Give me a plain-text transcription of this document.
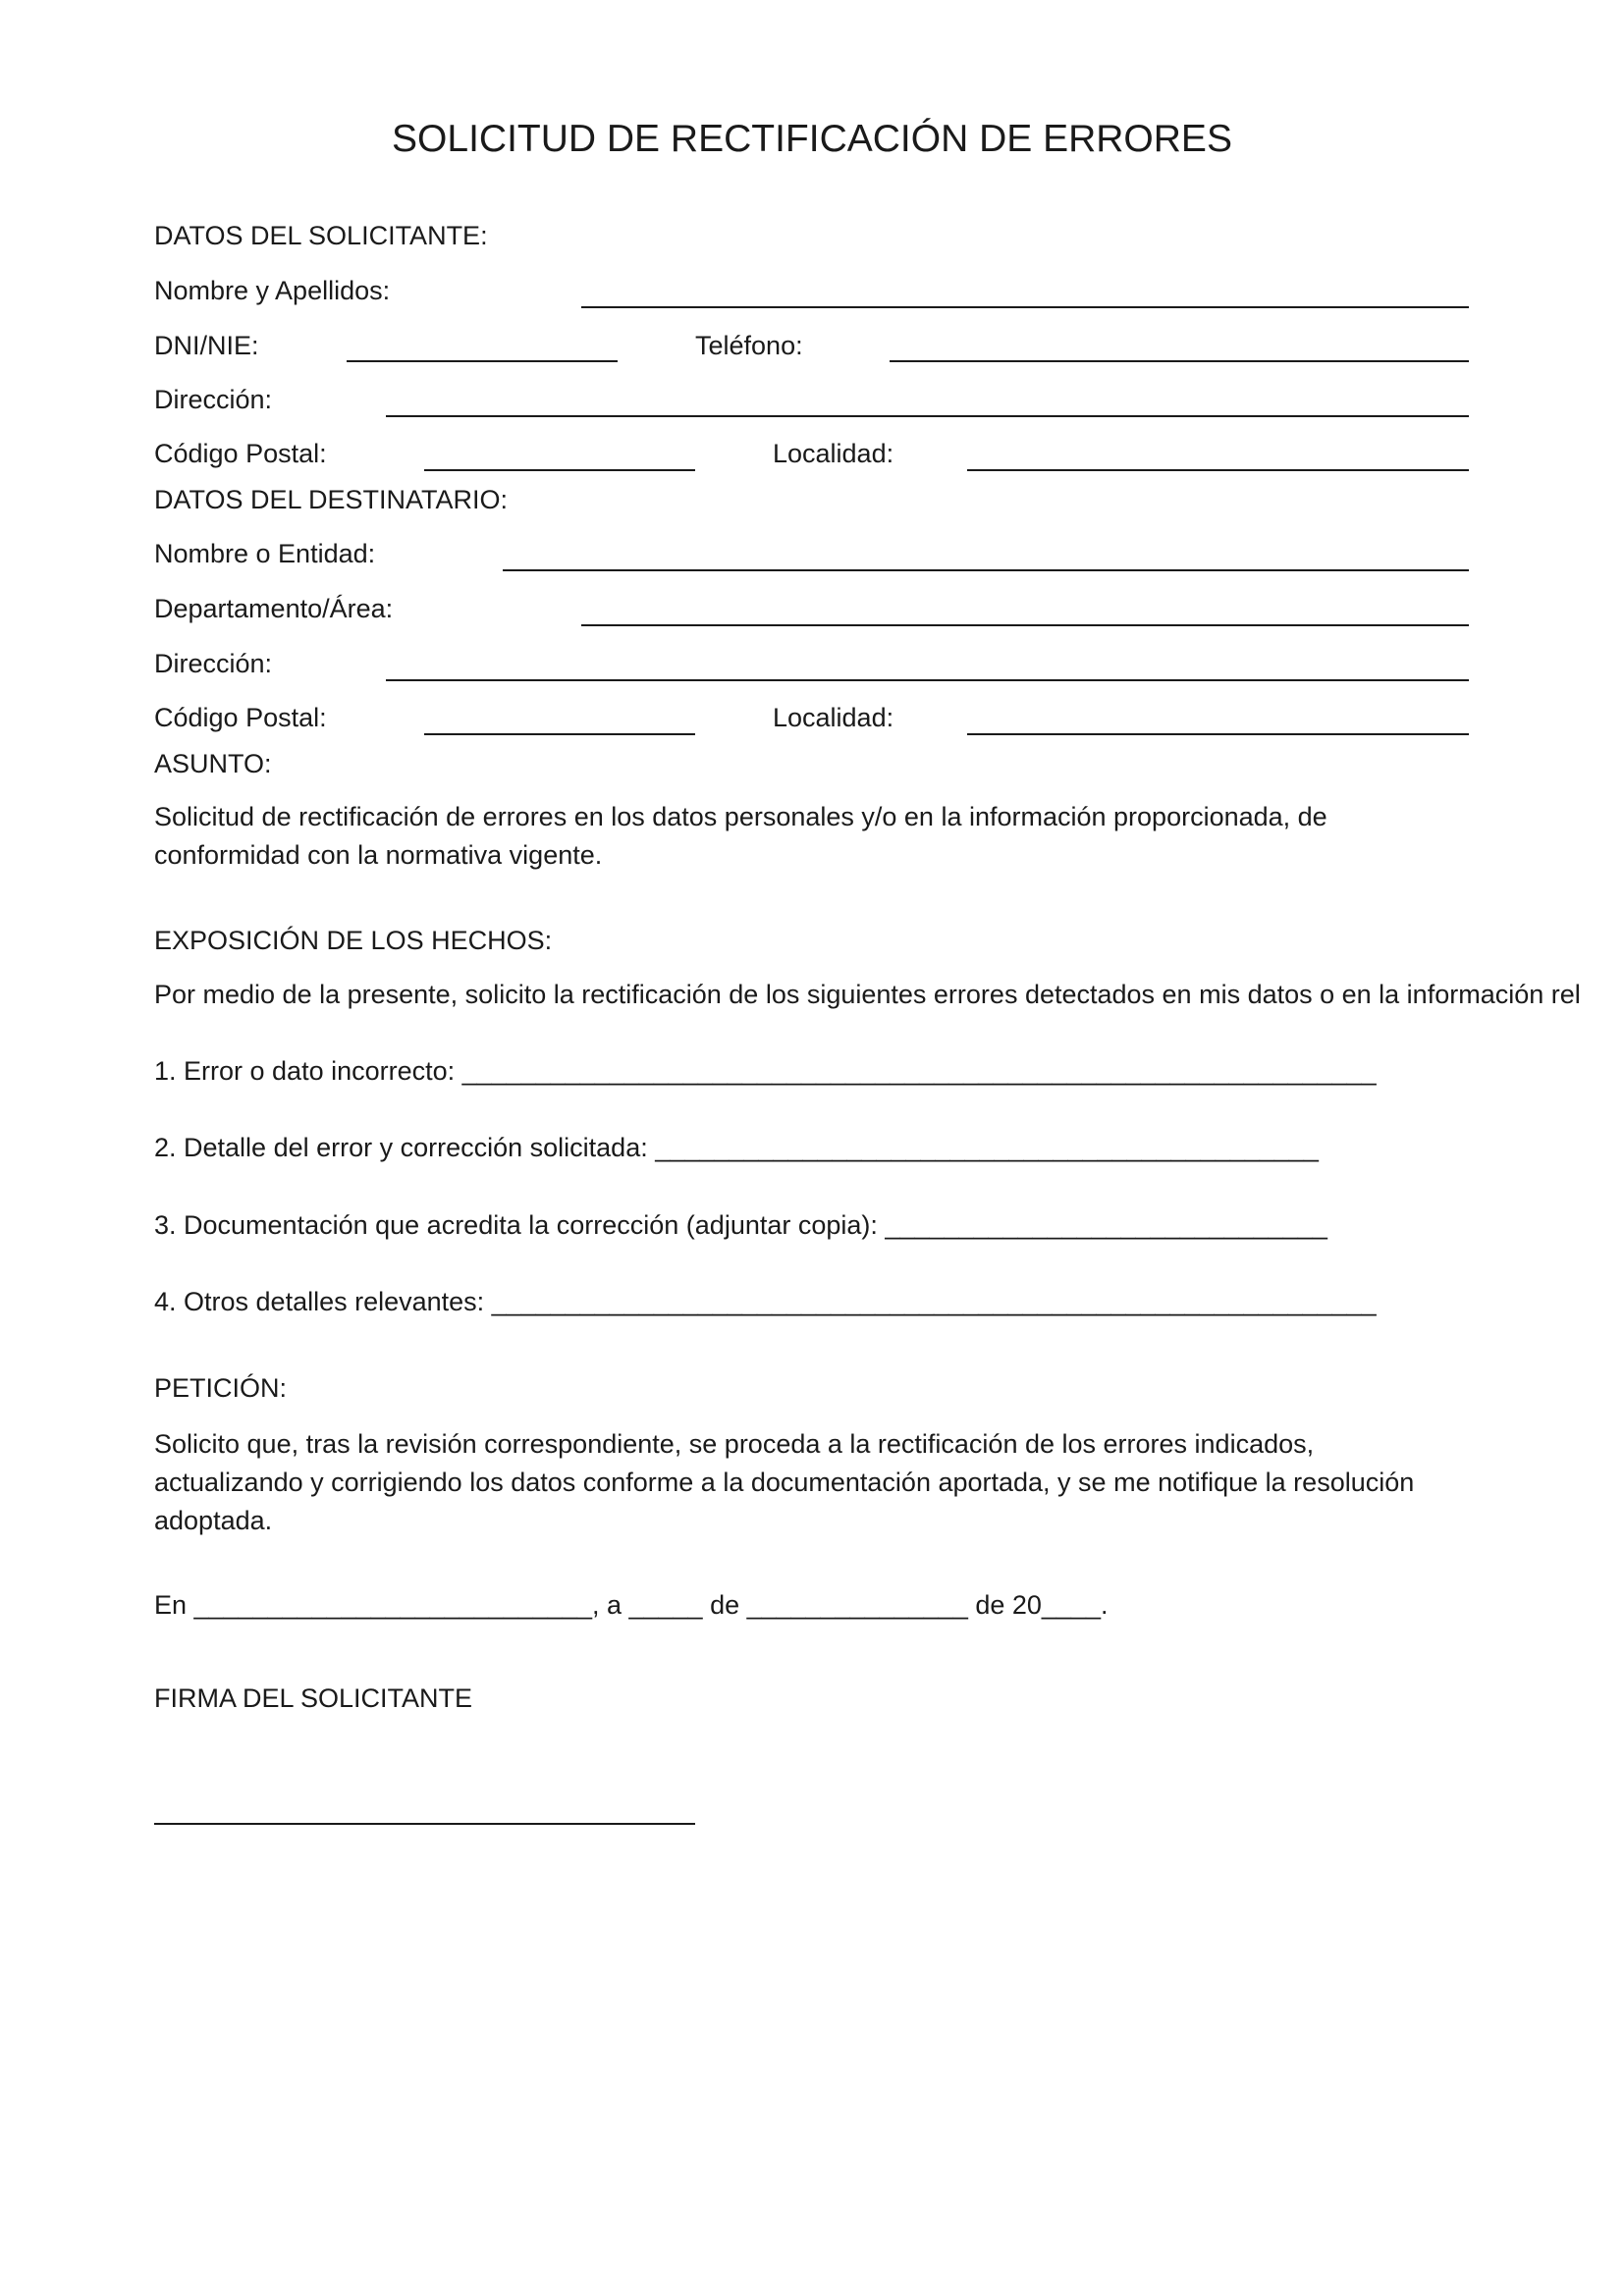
SOLICITUD DE RECTIFICACIÓN DE ERRORES
DATOS DEL SOLICITANTE:
Nombre y Apellidos:
DNI/NIE:	Teléfono:
Dirección:
Código Postal:	Localidad:
DATOS DEL DESTINATARIO:
Nombre o Entidad:
Departamento/Área:
Dirección:
Código Postal:	Localidad:
ASUNTO:
Solicitud de rectificación de errores en los datos personales y/o en la información proporcionada, de conformidad con la normativa vigente.
EXPOSICIÓN DE LOS HECHOS:
Por medio de la presente, solicito la rectificación de los siguientes errores detectados en mis datos o en la información rel
1. Error o dato incorrecto: ______________________________________________________________
2. Detalle del error y corrección solicitada: _____________________________________________
3. Documentación que acredita la corrección (adjuntar copia): ______________________________
4. Otros detalles relevantes: ____________________________________________________________
PETICIÓN:
Solicito que, tras la revisión correspondiente, se proceda a la rectificación de los errores indicados, actualizando y corrigiendo los datos conforme a la documentación aportada, y se me notifique la resolución adoptada.
En ___________________________, a _____ de _______________ de 20____.
FIRMA DEL SOLICITANTE
